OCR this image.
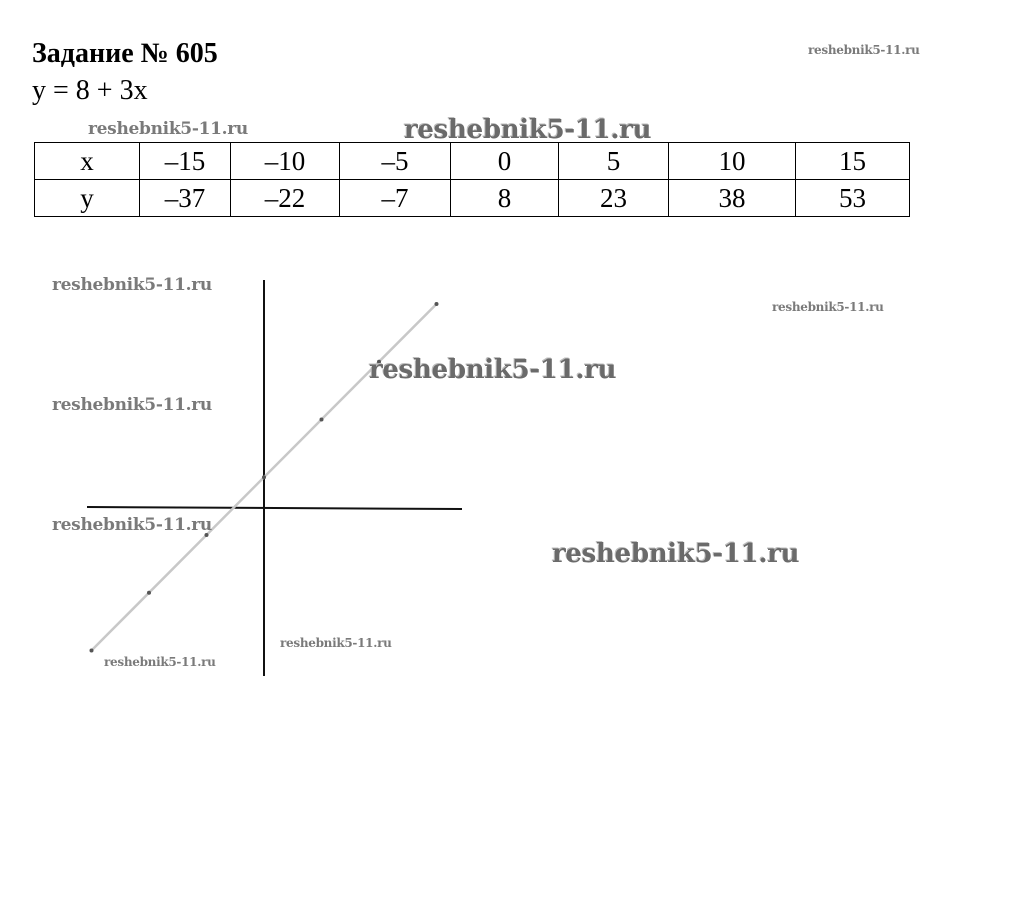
Задание № 605
y = 8 + 3x
x	–15	–10	–5	0	5	10	15
y	–37	–22	–7	8	23	38	53
reshebnik5-11.ru
reshebnik5-11.ru	reshebnik5-11.ru
reshebnik5-11.ru
reshebnik5-11.ru
reshebnik5-11.ru
reshebnik5-11.ru
reshebnik5-11.ru
reshebnik5-11.ru
reshebnik5-11.ru
reshebnik5-11.ru
